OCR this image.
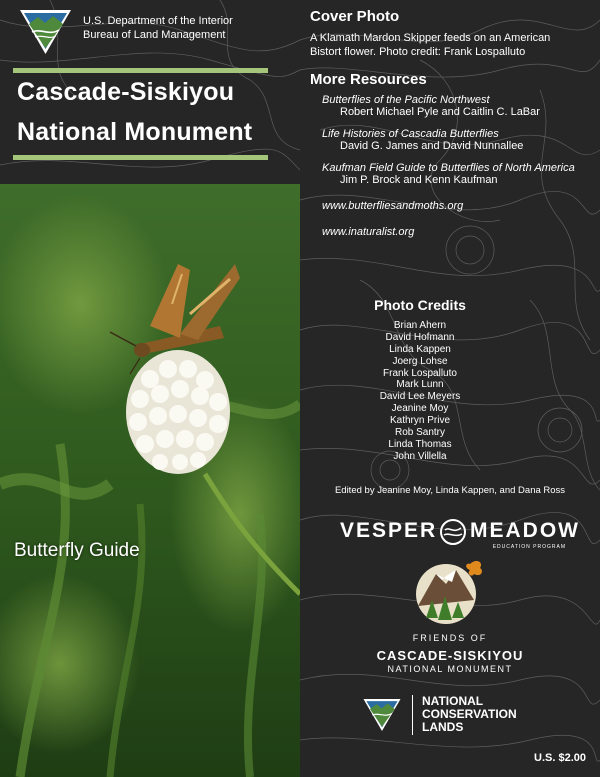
U.S. Department of the Interior
Bureau of Land Management
Cascade-Siskiyou
National Monument
Butterfly Guide

Cover Photo

A Klamath Mardon Skipper feeds on an American
Bistort flower. Photo credit: Frank Lospalluto

More Resources

Butterflies of the Pacific Northwest
Robert Michael Pyle and Caitlin C. LaBar
Life Histories of Cascadia Butterflies
David G. James and David Nunnallee
Kaufman Field Guide to Butterflies of North America
Jim P. Brock and Kenn Kaufman
www.butterfliesandmoths.org
www.inaturalist.org
Photo Credits
Brian Ahern
David Hofmann
Linda Kappen
Joerg Lohse
Frank Lospalluto
Mark Lunn
David Lee Meyers
Jeanine Moy
Kathryn Prive
Rob Santry
Linda Thomas
John Villella
Edited by Jeanine Moy, Linda Kappen, and Dana Ross
VESPER MEADOW
EDUCATION PROGRAM
FRIENDS OF
CASCADE-SISKIYOU
NATIONAL MONUMENT
NATIONAL
CONSERVATION
LANDS
U.S. $2.00
